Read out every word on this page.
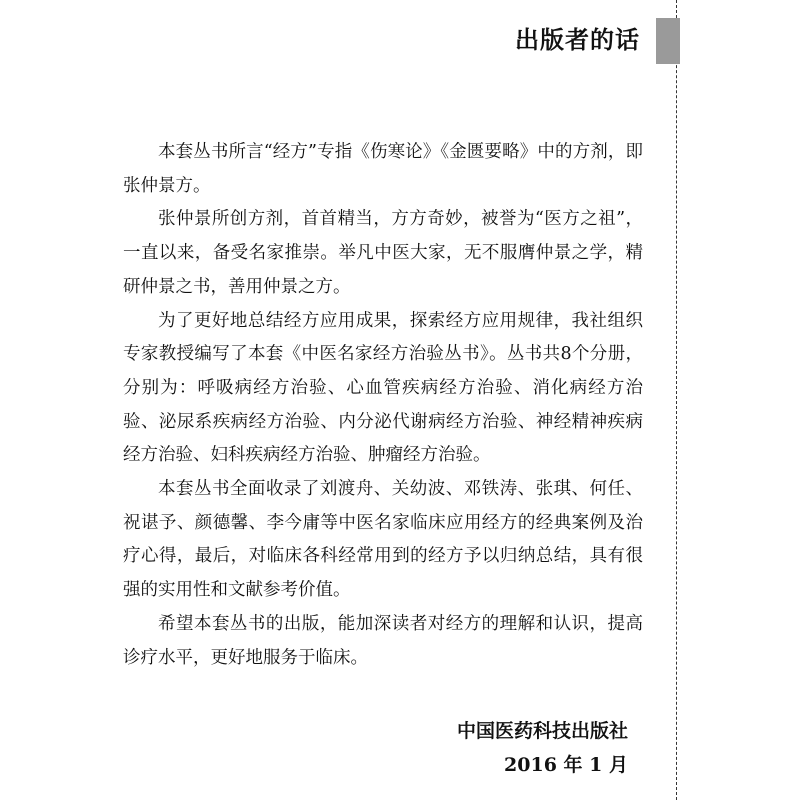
出版者的话

本套丛书所言“经方”专指《伤寒论》《金匮要略》中的方剂，即张仲景方。

张仲景所创方剂，首首精当，方方奇妙，被誉为“医方之祖”，一直以来，备受名家推崇。举凡中医大家，无不服膺仲景之学，精研仲景之书，善用仲景之方。

为了更好地总结经方应用成果，探索经方应用规律，我社组织专家教授编写了本套《中医名家经方治验丛书》。丛书共8个分册，分别为：呼吸病经方治验、心血管疾病经方治验、消化病经方治验、泌尿系疾病经方治验、内分泌代谢病经方治验、神经精神疾病经方治验、妇科疾病经方治验、肿瘤经方治验。

本套丛书全面收录了刘渡舟、关幼波、邓铁涛、张琪、何任、祝谌予、颜德馨、李今庸等中医名家临床应用经方的经典案例及治疗心得，最后，对临床各科经常用到的经方予以归纳总结，具有很强的实用性和文献参考价值。

希望本套丛书的出版，能加深读者对经方的理解和认识，提高诊疗水平，更好地服务于临床。

中国医药科技出版社

2016 年 1 月
